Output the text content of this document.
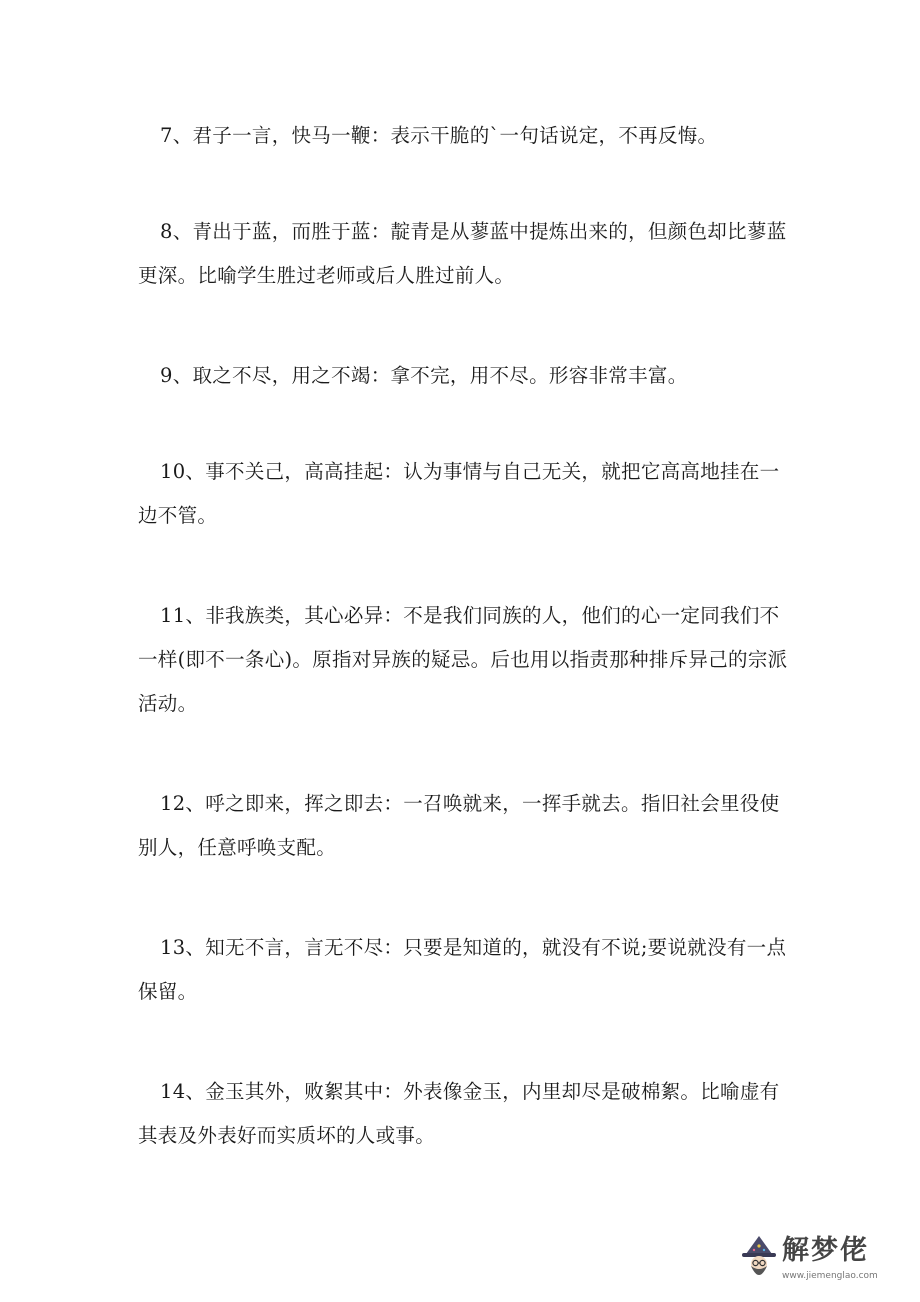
7、君子一言，快马一鞭：表示干脆的`一句话说定，不再反悔。

8、青出于蓝，而胜于蓝：靛青是从蓼蓝中提炼出来的，但颜色却比蓼蓝更深。比喻学生胜过老师或后人胜过前人。

9、取之不尽，用之不竭：拿不完，用不尽。形容非常丰富。

10、事不关己，高高挂起：认为事情与自己无关，就把它高高地挂在一边不管。

11、非我族类，其心必异：不是我们同族的人，他们的心一定同我们不一样(即不一条心)。原指对异族的疑忌。后也用以指责那种排斥异己的宗派活动。

12、呼之即来，挥之即去：一召唤就来，一挥手就去。指旧社会里役使别人，任意呼唤支配。

13、知无不言，言无不尽：只要是知道的，就没有不说;要说就没有一点保留。

14、金玉其外，败絮其中：外表像金玉，内里却尽是破棉絮。比喻虚有其表及外表好而实质坏的人或事。

解梦佬
www.jiemenglao.com
